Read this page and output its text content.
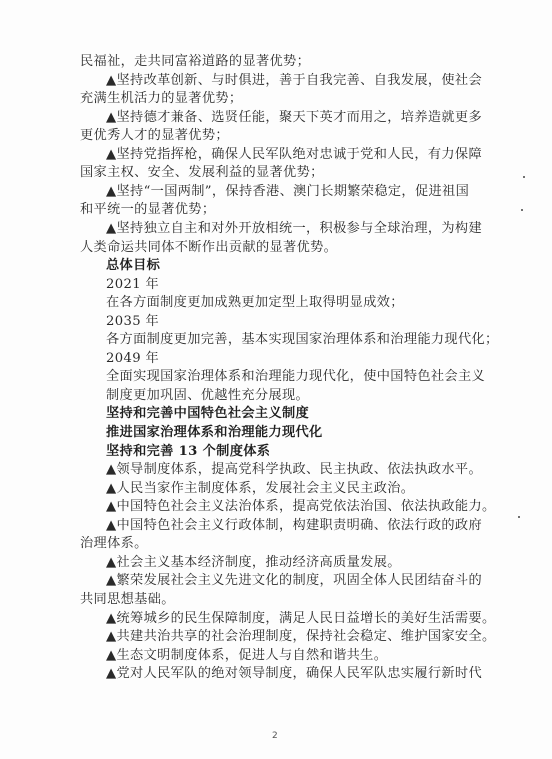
民福祉，走共同富裕道路的显著优势；
▲坚持改革创新、与时俱进，善于自我完善、自我发展，使社会
充满生机活力的显著优势；
▲坚持德才兼备、选贤任能，聚天下英才而用之，培养造就更多
更优秀人才的显著优势；
▲坚持党指挥枪，确保人民军队绝对忠诚于党和人民，有力保障
国家主权、安全、发展利益的显著优势；
▲坚持“一国两制”，保持香港、澳门长期繁荣稳定，促进祖国
和平统一的显著优势；
▲坚持独立自主和对外开放相统一，积极参与全球治理，为构建
人类命运共同体不断作出贡献的显著优势。
总体目标
2021 年
在各方面制度更加成熟更加定型上取得明显成效；
2035 年
各方面制度更加完善，基本实现国家治理体系和治理能力现代化；
2049 年
全面实现国家治理体系和治理能力现代化，使中国特色社会主义
制度更加巩固、优越性充分展现。
坚持和完善中国特色社会主义制度
推进国家治理体系和治理能力现代化
坚持和完善 13 个制度体系
▲领导制度体系，提高党科学执政、民主执政、依法执政水平。
▲人民当家作主制度体系，发展社会主义民主政治。
▲中国特色社会主义法治体系，提高党依法治国、依法执政能力。
▲中国特色社会主义行政体制，构建职责明确、依法行政的政府
治理体系。
▲社会主义基本经济制度，推动经济高质量发展。
▲繁荣发展社会主义先进文化的制度，巩固全体人民团结奋斗的
共同思想基础。
▲统筹城乡的民生保障制度，满足人民日益增长的美好生活需要。
▲共建共治共享的社会治理制度，保持社会稳定、维护国家安全。
▲生态文明制度体系，促进人与自然和谐共生。
▲党对人民军队的绝对领导制度，确保人民军队忠实履行新时代
2
